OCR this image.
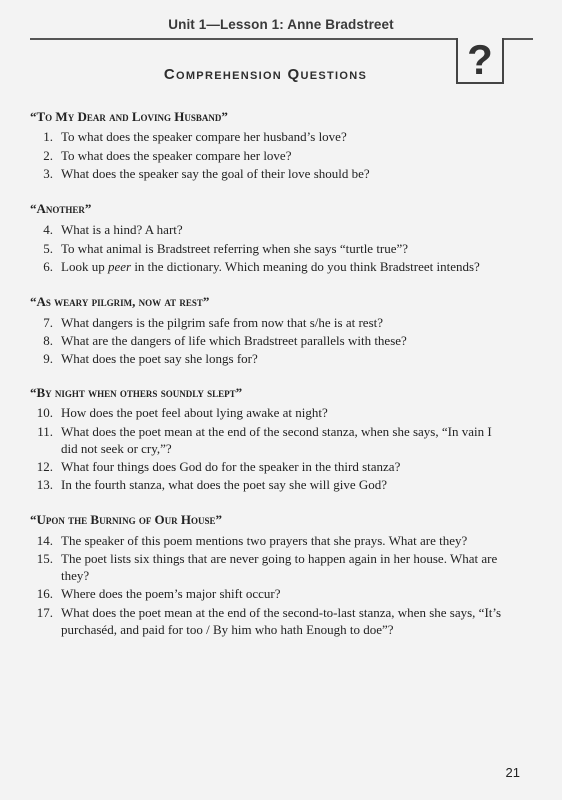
Unit 1—Lesson 1: Anne Bradstreet
?
Comprehension Questions
“To My Dear and Loving Husband”
1. To what does the speaker compare her husband’s love?
2. To what does the speaker compare her love?
3. What does the speaker say the goal of their love should be?
“Another”
4. What is a hind? A hart?
5. To what animal is Bradstreet referring when she says “turtle true”?
6. Look up peer in the dictionary. Which meaning do you think Bradstreet intends?
“As weary pilgrim, now at rest”
7. What dangers is the pilgrim safe from now that s/he is at rest?
8. What are the dangers of life which Bradstreet parallels with these?
9. What does the poet say she longs for?
“By night when others soundly slept”
10. How does the poet feel about lying awake at night?
11. What does the poet mean at the end of the second stanza, when she says, “In vain I did not seek or cry,”?
12. What four things does God do for the speaker in the third stanza?
13. In the fourth stanza, what does the poet say she will give God?
“Upon the Burning of Our House”
14. The speaker of this poem mentions two prayers that she prays. What are they?
15. The poet lists six things that are never going to happen again in her house. What are they?
16. Where does the poem’s major shift occur?
17. What does the poet mean at the end of the second-to-last stanza, when she says, “It’s purchaséd, and paid for too / By him who hath Enough to doe”?
21
